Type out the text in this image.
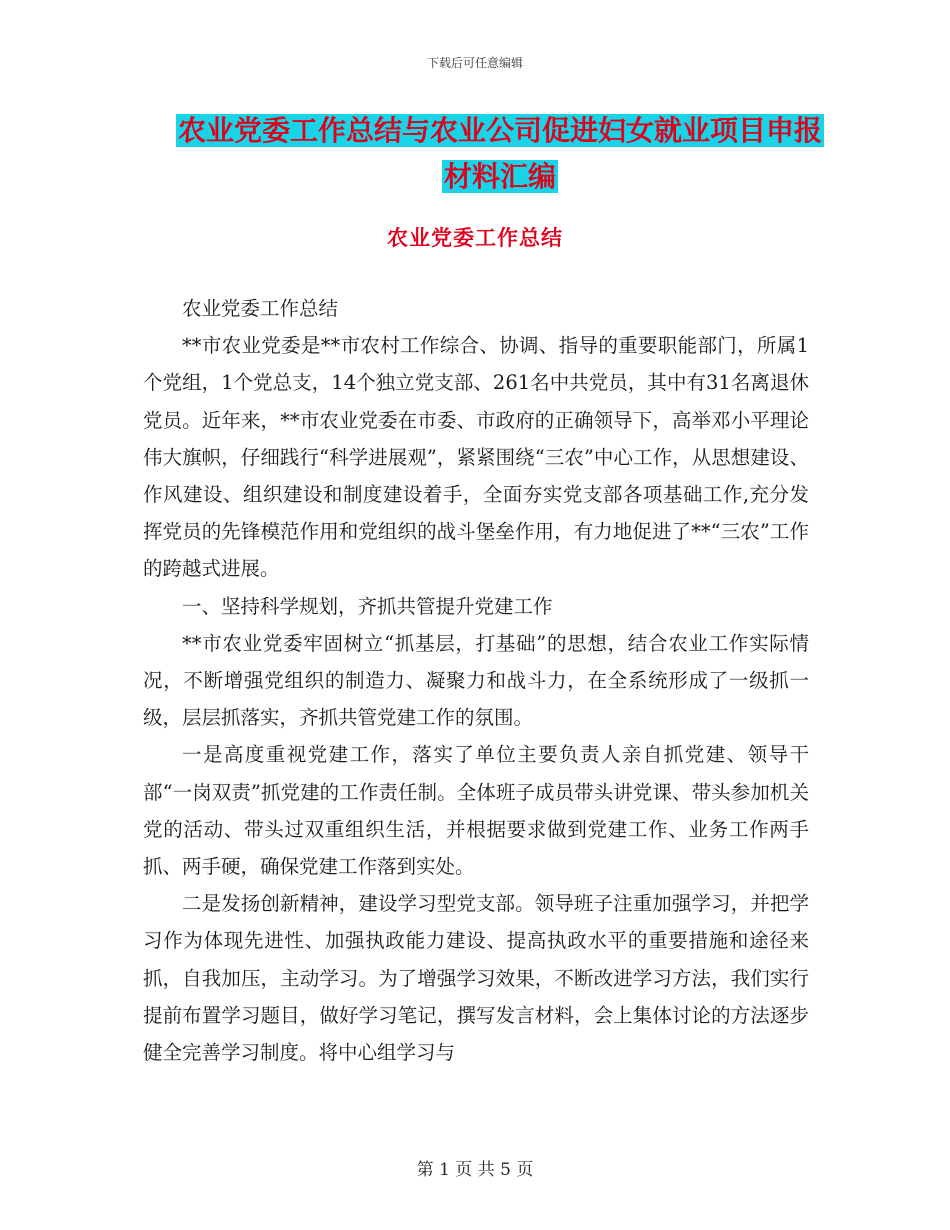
下载后可任意编辑
农业党委工作总结与农业公司促进妇女就业项目申报
材料汇编
农业党委工作总结

农业党委工作总结

**市农业党委是**市农村工作综合、协调、指导的重要职能部门，所属1个党组，1个党总支，14个独立党支部、261名中共党员，其中有31名离退休党员。近年来，**市农业党委在市委、市政府的正确领导下，高举邓小平理论伟大旗帜，仔细践行“科学进展观”，紧紧围绕“三农”中心工作，从思想建设、作风建设、组织建设和制度建设着手，全面夯实党支部各项基础工作,充分发挥党员的先锋模范作用和党组织的战斗堡垒作用，有力地促进了**“三农”工作的跨越式进展。

一、坚持科学规划，齐抓共管提升党建工作

**市农业党委牢固树立“抓基层，打基础”的思想，结合农业工作实际情况，不断增强党组织的制造力、凝聚力和战斗力，在全系统形成了一级抓一级，层层抓落实，齐抓共管党建工作的氛围。

一是高度重视党建工作，落实了单位主要负责人亲自抓党建、领导干部“一岗双责”抓党建的工作责任制。全体班子成员带头讲党课、带头参加机关党的活动、带头过双重组织生活，并根据要求做到党建工作、业务工作两手抓、两手硬，确保党建工作落到实处。

二是发扬创新精神，建设学习型党支部。领导班子注重加强学习，并把学习作为体现先进性、加强执政能力建设、提高执政水平的重要措施和途径来抓，自我加压，主动学习。为了增强学习效果，不断改进学习方法，我们实行提前布置学习题目，做好学习笔记，撰写发言材料，会上集体讨论的方法逐步健全完善学习制度。将中心组学习与

第 1 页 共 5 页
